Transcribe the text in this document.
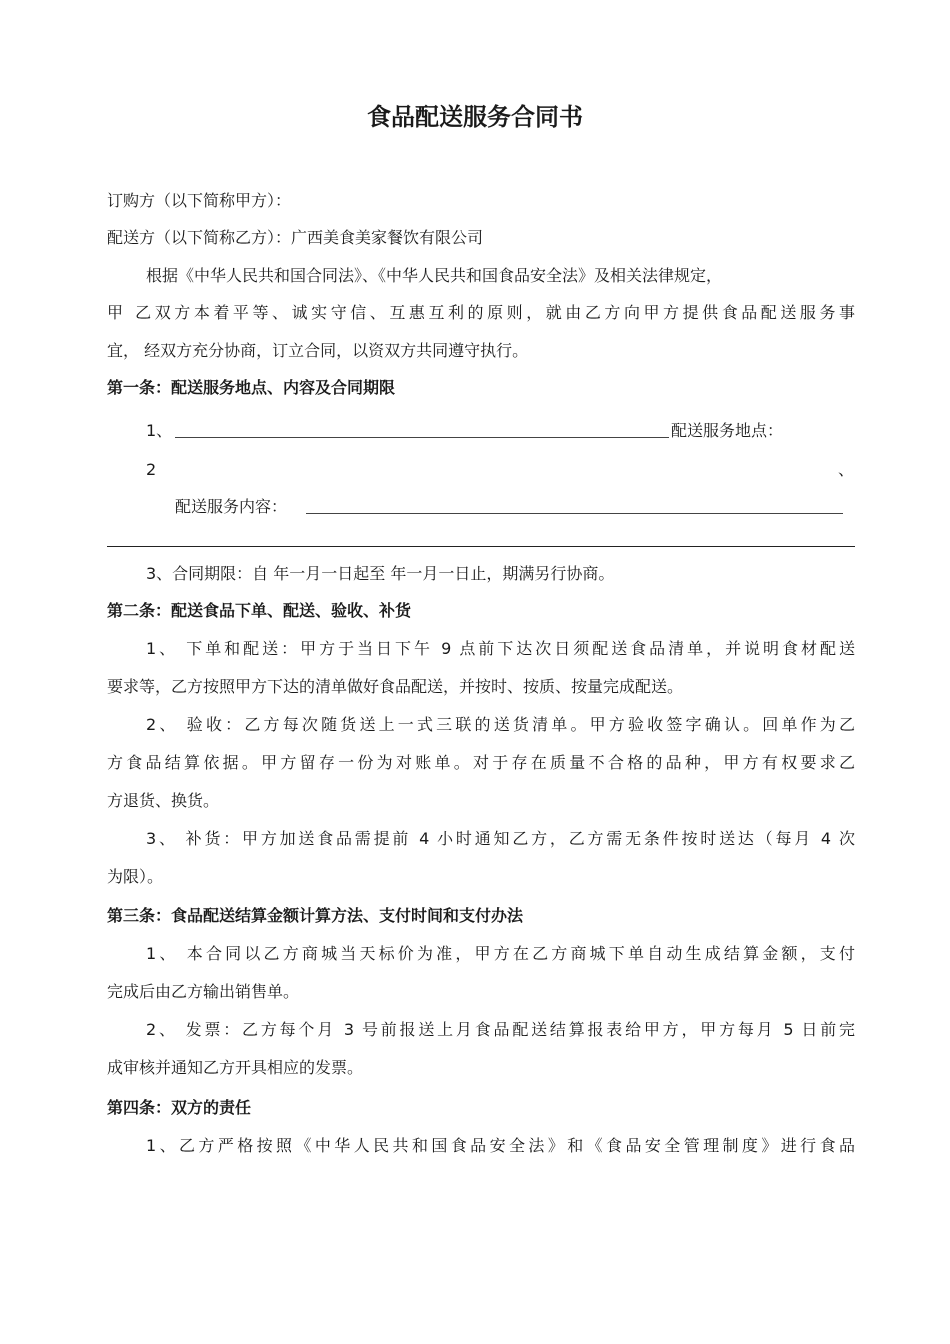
食品配送服务合同书
订购方（以下简称甲方）：
配送方（以下简称乙方）：广西美食美家餐饮有限公司
根据《中华人民共和国合同法》、《中华人民共和国食品安全法》及相关法律规定，
甲 乙双方本着平等、诚实守信、互惠互利的原则，就由乙方向甲方提供食品配送服务事
宜， 经双方充分协商，订立合同，以资双方共同遵守执行。
第一条：配送服务地点、内容及合同期限
1、	配送服务地点：
2	、
配送服务内容：
3、合同期限：自 年一月一日起至 年一月一日止，期满另行协商。
第二条：配送食品下单、配送、验收、补货
1、 下单和配送：甲方于当日下午 9 点前下达次日须配送食品清单，并说明食材配送
要求等，乙方按照甲方下达的清单做好食品配送，并按时、按质、按量完成配送。
2、 验收：乙方每次随货送上一式三联的送货清单。甲方验收签字确认。回单作为乙
方食品结算依据。甲方留存一份为对账单。对于存在质量不合格的品种，甲方有权要求乙
方退货、换货。
3、 补货：甲方加送食品需提前 4 小时通知乙方，乙方需无条件按时送达（每月 4 次
为限）。
第三条：食品配送结算金额计算方法、支付时间和支付办法
1、 本合同以乙方商城当天标价为准，甲方在乙方商城下单自动生成结算金额，支付
完成后由乙方输出销售单。
2、 发票：乙方每个月 3 号前报送上月食品配送结算报表给甲方，甲方每月 5 日前完
成审核并通知乙方开具相应的发票。
第四条：双方的责任
1、乙方严格按照《中华人民共和国食品安全法》和《食品安全管理制度》进行食品
